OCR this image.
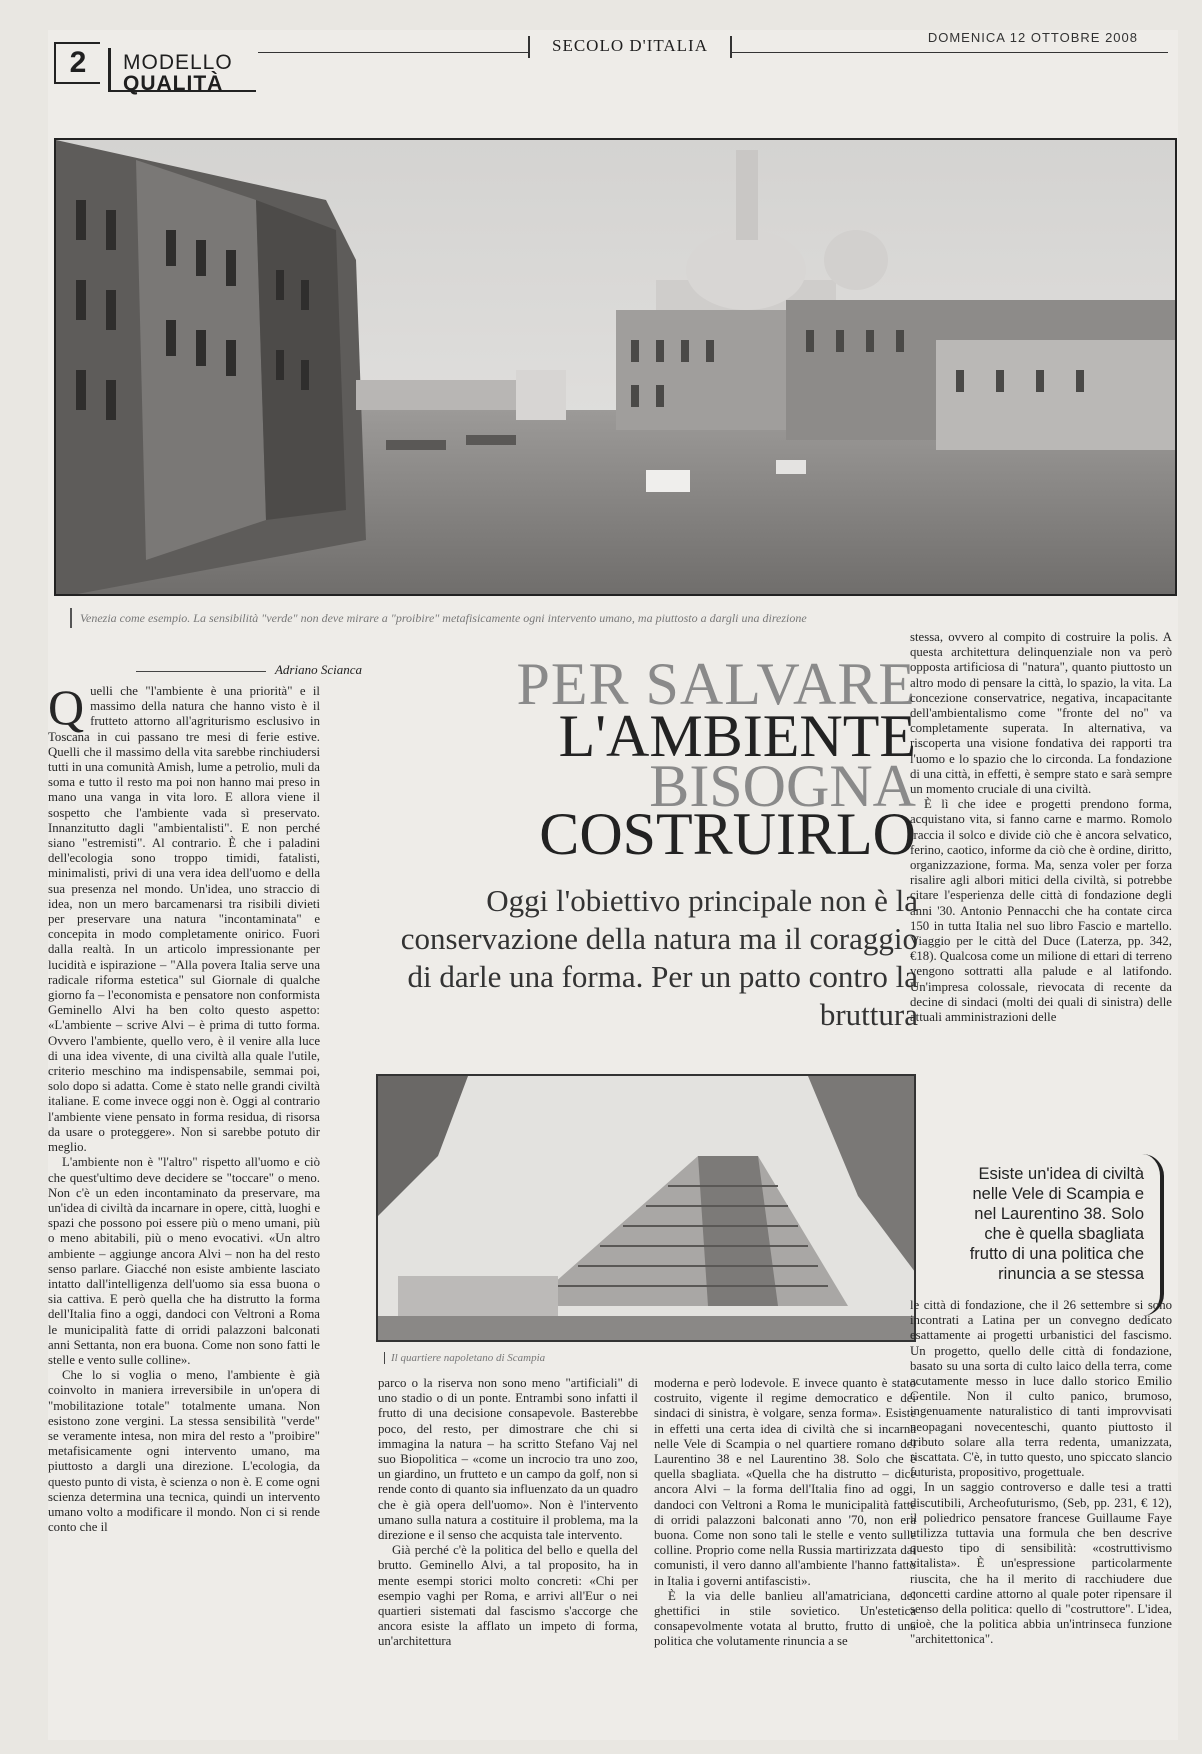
2	MODELLO
QUALITÀ
SECOLO D'ITALIA	DOMENICA 12 OTTOBRE 2008
Venezia come esempio. La sensibilità "verde" non deve mirare a "proibire" metafisicamente ogni intervento umano, ma piuttosto a dargli una direzione
Adriano Scianca

Quelli che "l'ambiente è una priorità" e il massimo della natura che hanno visto è il frutteto attorno all'agriturismo esclusivo in Toscana in cui passano tre mesi di ferie estive. Quelli che il massimo della vita sarebbe rinchiudersi tutti in una comunità Amish, lume a petrolio, muli da soma e tutto il resto ma poi non hanno mai preso in mano una vanga in vita loro. E allora viene il sospetto che l'ambiente vada sì preservato. Innanzitutto dagli "ambientalisti". E non perché siano "estremisti". Al contrario. È che i paladini dell'ecologia sono troppo timidi, fatalisti, minimalisti, privi di una vera idea dell'uomo e della sua presenza nel mondo. Un'idea, uno straccio di idea, non un mero barcamenarsi tra risibili divieti per preservare una natura "incontaminata" e concepita in modo completamente onirico. Fuori dalla realtà. In un articolo impressionante per lucidità e ispirazione – "Alla povera Italia serve una radicale riforma estetica" sul Giornale di qualche giorno fa – l'economista e pensatore non conformista Geminello Alvi ha ben colto questo aspetto: «L'ambiente – scrive Alvi – è prima di tutto forma. Ovvero l'ambiente, quello vero, è il venire alla luce di una idea vivente, di una civiltà alla quale l'utile, criterio meschino ma indispensabile, semmai poi, solo dopo si adatta. Come è stato nelle grandi civiltà italiane. E come invece oggi non è. Oggi al contrario l'ambiente viene pensato in forma residua, di risorsa da usare o proteggere». Non si sarebbe potuto dir meglio.

L'ambiente non è "l'altro" rispetto all'uomo e ciò che quest'ultimo deve decidere se "toccare" o meno. Non c'è un eden incontaminato da preservare, ma un'idea di civiltà da incarnare in opere, città, luoghi e spazi che possono poi essere più o meno umani, più o meno abitabili, più o meno evocativi. «Un altro ambiente – aggiunge ancora Alvi – non ha del resto senso parlare. Giacché non esiste ambiente lasciato intatto dall'intelligenza dell'uomo sia essa buona o sia cattiva. E però quella che ha distrutto la forma dell'Italia fino a oggi, dandoci con Veltroni a Roma le municipalità fatte di orridi palazzoni balconati anni Settanta, non era buona. Come non sono fatti le stelle e vento sulle colline».

Che lo si voglia o meno, l'ambiente è già coinvolto in maniera irreversibile in un'opera di "mobilitazione totale" totalmente umana. Non esistono zone vergini. La stessa sensibilità "verde" se veramente intesa, non mira del resto a "proibire" metafisicamente ogni intervento umano, ma piuttosto a dargli una direzione. L'ecologia, da questo punto di vista, è scienza o non è. E come ogni scienza determina una tecnica, quindi un intervento umano volto a modificare il mondo. Non ci si rende conto che il

PER SALVARE
L'AMBIENTE
BISOGNA
COSTRUIRLO
Oggi l'obiettivo principale non è la conservazione della natura ma il coraggio di darle una forma. Per un patto contro la bruttura
Il quartiere napoletano di Scampia

parco o la riserva non sono meno "artificiali" di uno stadio o di un ponte. Entrambi sono infatti il frutto di una decisione consapevole. Basterebbe poco, del resto, per dimostrare che chi si immagina la natura – ha scritto Stefano Vaj nel suo Biopolitica – «come un incrocio tra uno zoo, un giardino, un frutteto e un campo da golf, non si rende conto di quanto sia influenzato da un quadro che è già opera dell'uomo». Non è l'intervento umano sulla natura a costituire il problema, ma la direzione e il senso che acquista tale intervento.

Già perché c'è la politica del bello e quella del brutto. Geminello Alvi, a tal proposito, ha in mente esempi storici molto concreti: «Chi per esempio vaghi per Roma, e arrivi all'Eur o nei quartieri sistemati dal fascismo s'accorge che ancora esiste la afflato un impeto di forma, un'architettura

moderna e però lodevole. E invece quanto è stato costruito, vigente il regime democratico e dei sindaci di sinistra, è volgare, senza forma». Esiste in effetti una certa idea di civiltà che si incarna nelle Vele di Scampia o nel quartiere romano del Laurentino 38 e nel Laurentino 38. Solo che è quella sbagliata. «Quella che ha distrutto – dice ancora Alvi – la forma dell'Italia fino ad oggi, dandoci con Veltroni a Roma le municipalità fatte di orridi palazzoni balconati anno '70, non era buona. Come non sono tali le stelle e vento sulle colline. Proprio come nella Russia martirizzata dai comunisti, il vero danno all'ambiente l'hanno fatto in Italia i governi antifascisti».

È la via delle banlieu all'amatriciana, del ghettifici in stile sovietico. Un'estetica consapevolmente votata al brutto, frutto di una politica che volutamente rinuncia a se

stessa, ovvero al compito di costruire la polis. A questa architettura delinquenziale non va però opposta artificiosa di "natura", quanto piuttosto un altro modo di pensare la città, lo spazio, la vita. La concezione conservatrice, negativa, incapacitante dell'ambientalismo come "fronte del no" va completamente superata. In alternativa, va riscoperta una visione fondativa dei rapporti tra l'uomo e lo spazio che lo circonda. La fondazione di una città, in effetti, è sempre stato e sarà sempre un momento cruciale di una civiltà.

È lì che idee e progetti prendono forma, acquistano vita, si fanno carne e marmo. Romolo traccia il solco e divide ciò che è ancora selvatico, ferino, caotico, informe da ciò che è ordine, diritto, organizzazione, forma. Ma, senza voler per forza risalire agli albori mitici della civiltà, si potrebbe citare l'esperienza delle città di fondazione degli anni '30. Antonio Pennacchi che ha contate circa 150 in tutta Italia nel suo libro Fascio e martello. Viaggio per le città del Duce (Laterza, pp. 342, €18). Qualcosa come un milione di ettari di terreno vengono sottratti alla palude e al latifondo. Un'impresa colossale, rievocata di recente da decine di sindaci (molti dei quali di sinistra) delle attuali amministrazioni delle

Esiste un'idea di civiltà nelle Vele di Scampia e nel Laurentino 38. Solo che è quella sbagliata frutto di una politica che rinuncia a se stessa

le città di fondazione, che il 26 settembre si sono incontrati a Latina per un convegno dedicato esattamente ai progetti urbanistici del fascismo. Un progetto, quello delle città di fondazione, basato su una sorta di culto laico della terra, come acutamente messo in luce dallo storico Emilio Gentile. Non il culto panico, brumoso, ingenuamente naturalistico di tanti improvvisati neopagani novecenteschi, quanto piuttosto il tributo solare alla terra redenta, umanizzata, riscattata. C'è, in tutto questo, uno spiccato slancio futurista, propositivo, progettuale.

In un saggio controverso e dalle tesi a tratti discutibili, Archeofuturismo, (Seb, pp. 231, € 12), il poliedrico pensatore francese Guillaume Faye utilizza tuttavia una formula che ben descrive questo tipo di sensibilità: «costruttivismo vitalista». È un'espressione particolarmente riuscita, che ha il merito di racchiudere due concetti cardine attorno al quale poter ripensare il senso della politica: quello di "costruttore". L'idea, cioè, che la politica abbia un'intrinseca funzione "architettonica".
